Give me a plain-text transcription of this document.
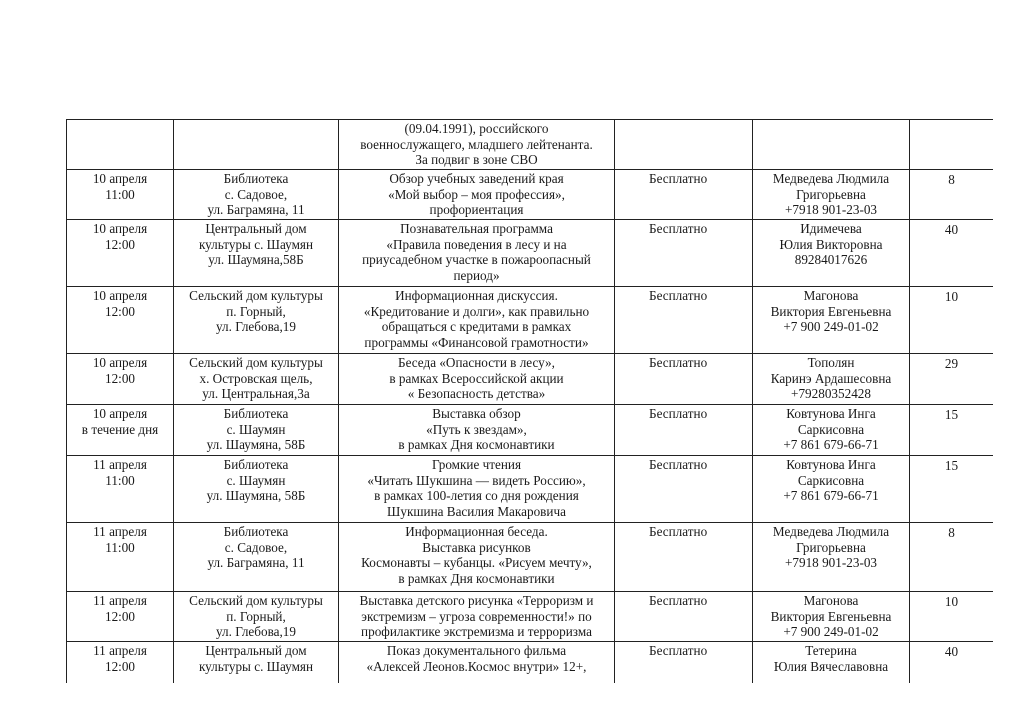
		(09.04.1991), российского
военнослужащего, младшего лейтенанта.
За подвиг в зоне СВО			

10 апреля
11:00	Библиотека
с. Садовое,
ул. Баграмяна, 11	Обзор учебных заведений края
«Мой выбор – моя профессия»,
профориентация	Бесплатно	Медведева Людмила
Григорьевна
+7918 901-23-03	8

10 апреля
12:00	Центральный дом
культуры с. Шаумян
ул. Шаумяна,58Б	Познавательная программа
«Правила поведения в лесу и на
приусадебном участке в пожароопасный
период»	Бесплатно	Идимечева
Юлия Викторовна
89284017626	40

10 апреля
12:00	Сельский дом культуры
п. Горный,
ул. Глебова,19	Информационная дискуссия.
«Кредитование и долги», как правильно
обращаться с кредитами в рамках
программы «Финансовой грамотности»	Бесплатно	Магонова
Виктория Евгеньевна
+7 900 249-01-02	10

10 апреля
12:00	Сельский дом культуры
х. Островская щель,
ул. Центральная,3а	Беседа «Опасности в лесу»,
в рамках Всероссийской акции
« Безопасность детства»	Бесплатно	Тополян
Каринэ Ардашесовна
+79280352428	29

10 апреля
в течение дня	Библиотека
с. Шаумян
ул. Шаумяна, 58Б	Выставка обзор
«Путь к звездам»,
в рамках Дня космонавтики	Бесплатно	Ковтунова Инга
Саркисовна
+7 861 679-66-71	15

11 апреля
11:00	Библиотека
с. Шаумян
ул. Шаумяна, 58Б	Громкие чтения
«Читать Шукшина — видеть Россию»,
в рамках 100-летия со дня рождения
Шукшина Василия Макаровича	Бесплатно	Ковтунова Инга
Саркисовна
+7 861 679-66-71	15

11 апреля
11:00	Библиотека
с. Садовое,
ул. Баграмяна, 11	Информационная беседа.
Выставка рисунков
Космонавты – кубанцы. «Рисуем мечту»,
в рамках Дня космонавтики	Бесплатно	Медведева Людмила
Григорьевна
+7918 901-23-03	8

11 апреля
12:00	Сельский дом культуры
п. Горный,
ул. Глебова,19	Выставка детского рисунка «Терроризм и
экстремизм – угроза современности!» по
профилактике экстремизма и терроризма	Бесплатно	Магонова
Виктория Евгеньевна
+7 900 249-01-02	10

11 апреля
12:00	Центральный дом
культуры с. Шаумян	Показ документального фильма
«Алексей Леонов.Космос внутри» 12+,	Бесплатно	Тетерина
Юлия Вячеславовна	40
